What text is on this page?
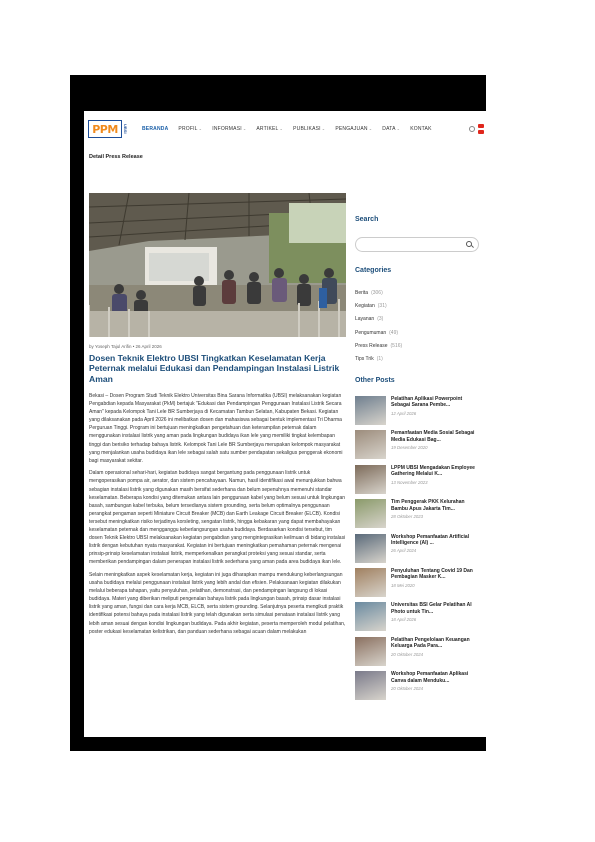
PPM UBSI	BERANDA PROFIL⌄ INFORMASI⌄ ARTIKEL⌄ PUBLIKASI⌄ PENGAJUAN⌄ DATA⌄ KONTAK
Detail Press Release
by Yoseph Tajul Arifin • 26 April 2026
Dosen Teknik Elektro UBSI Tingkatkan Keselamatan Kerja Peternak melalui Edukasi dan Pendampingan Instalasi Listrik Aman

Bekasi – Dosen Program Studi Teknik Elektro Universitas Bina Sarana Informatika (UBSI) melaksanakan kegiatan Pengabdian kepada Masyarakat (PkM) bertajuk "Edukasi dan Pendampingan Penggunaan Instalasi Listrik Secara Aman" kepada Kelompok Tani Lele BR Sumberjaya di Kecamatan Tambun Selatan, Kabupaten Bekasi. Kegiatan yang dilaksanakan pada April 2026 ini melibatkan dosen dan mahasiswa sebagai bentuk implementasi Tri Dharma Perguruan Tinggi. Program ini bertujuan meningkatkan pengetahuan dan keterampilan peternak dalam menggunakan instalasi listrik yang aman pada lingkungan budidaya ikan lele yang memiliki tingkat kelembapan tinggi dan berisiko terhadap bahaya listrik. Kelompok Tani Lele BR Sumberjaya merupakan kelompok masyarakat yang menjalankan usaha budidaya ikan lele sebagai salah satu sumber pendapatan sekaligus penggerak ekonomi bagi masyarakat sekitar.

Dalam operasional sehari-hari, kegiatan budidaya sangat bergantung pada penggunaan listrik untuk mengoperasikan pompa air, aerator, dan sistem pencahayaan. Namun, hasil identifikasi awal menunjukkan bahwa sebagian instalasi listrik yang digunakan masih bersifat sederhana dan belum sepenuhnya memenuhi standar keselamatan. Beberapa kondisi yang ditemukan antara lain penggunaan kabel yang belum sesuai untuk lingkungan basah, sambungan kabel terbuka, belum tersedianya sistem grounding, serta belum optimalnya penggunaan perangkat pengaman seperti Miniature Circuit Breaker (MCB) dan Earth Leakage Circuit Breaker (ELCB). Kondisi tersebut meningkatkan risiko terjadinya korsleting, sengatan listrik, hingga kebakaran yang dapat membahayakan keselamatan peternak dan mengganggu keberlangsungan usaha budidaya. Berdasarkan kondisi tersebut, tim dosen Teknik Elektro UBSI melaksanakan kegiatan pengabdian yang mengintegrasikan keilmuan di bidang instalasi listrik dengan kebutuhan nyata masyarakat. Kegiatan ini bertujuan meningkatkan pemahaman peternak mengenai prinsip-prinsip keselamatan instalasi listrik, memperkenalkan perangkat proteksi yang sesuai standar, serta memberikan pendampingan dalam penerapan instalasi listrik sederhana yang aman pada area budidaya ikan lele.

Selain meningkatkan aspek keselamatan kerja, kegiatan ini juga diharapkan mampu mendukung keberlangsungan usaha budidaya melalui penggunaan instalasi listrik yang lebih andal dan efisien. Pelaksanaan kegiatan dilakukan melalui beberapa tahapan, yaitu penyuluhan, pelatihan, demonstrasi, dan pendampingan langsung di lokasi budidaya. Materi yang diberikan meliputi pengenalan bahaya listrik pada lingkungan basah, prinsip dasar instalasi listrik yang aman, fungsi dan cara kerja MCB, ELCB, serta sistem grounding. Selanjutnya peserta mengikuti praktik identifikasi potensi bahaya pada instalasi listrik yang telah digunakan serta simulasi penataan instalasi listrik yang lebih aman sesuai dengan kondisi lingkungan budidaya. Pada akhir kegiatan, peserta memperoleh modul pelatihan, poster edukasi keselamatan kelistrikan, dan panduan sederhana sebagai acuan dalam melakukan

Search
Categories
Berita (306)
Kegiatan (31)
Layanan (3)
Pengumuman (49)
Press Release (516)
Tips Trik (1)
Other Posts
Pelatihan Aplikasi Powerpoint Sebagai Sarana Pembe...
12 April 2026
Pemanfaatan Media Sosial Sebagai Media Edukasi Bag...
19 Desember 2020
LPPM UBSI Mengadakan Employee Gathering Melalui K...
13 November 2023
Tim Penggerak PKK Kelurahan Bambu Apus Jakarta Tim...
28 Oktober 2023
Workshop Pemanfaatan Artificial Intelligence (AI) ...
26 April 2024
Penyuluhan Tentang Covid 19 Dan Pembagian Masker K...
18 Mei 2020
Universitas BSI Gelar Pelatihan AI Photo untuk Tin...
18 April 2026
Pelatihan Pengelolaan Keuangan Keluarga Pada Para...
20 Oktober 2024
Workshop Pemanfaatan Aplikasi Canva dalam Menduku...
20 Oktober 2024
